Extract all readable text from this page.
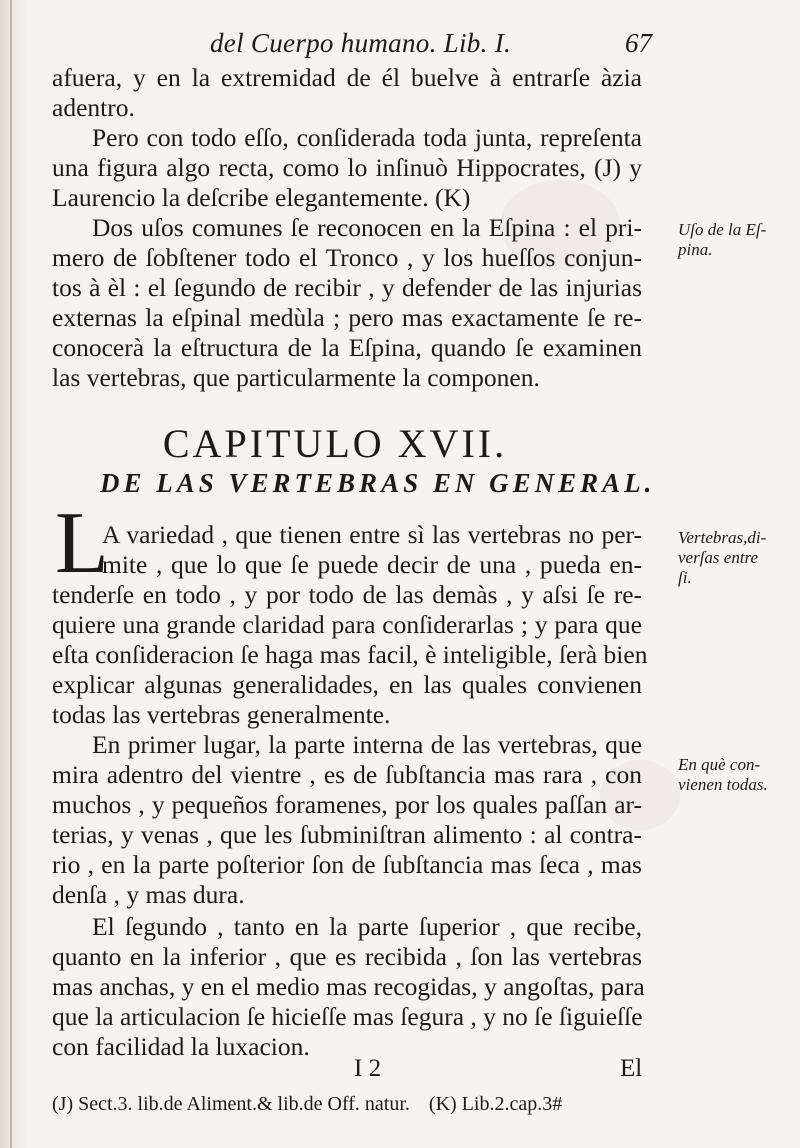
del Cuerpo humano. Lib. I.	67
afuera, y en la extremidad de él buelve à entrarſe àzia
adentro.
Pero con todo eſſo, conſiderada toda junta, repreſenta
una figura algo recta, como lo inſinuò Hippocrates, (J) y
Laurencio la deſcribe elegantemente. (K)
Dos uſos comunes ſe reconocen en la Eſpina : el pri-
mero de ſobſtener todo el Tronco , y los hueſſos conjun-
tos à èl : el ſegundo de recibir , y defender de las injurias
externas la eſpinal medùla ; pero mas exactamente ſe re-
conocerà la eſtructura de la Eſpina, quando ſe examinen
las vertebras, que particularmente la componen.
Uſo de la Eſ-
pina.
CAPITULO XVII.
DE LAS VERTEBRAS EN GENERAL.
L
A variedad , que tienen entre sì las vertebras no per-
mite , que lo que ſe puede decir de una , pueda en-
tenderſe en todo , y por todo de las demàs , y aſsi ſe re-
quiere una grande claridad para conſiderarlas ; y para que
eſta conſideracion ſe haga mas facil, è inteligible, ſerà bien
explicar algunas generalidades, en las quales convienen
todas las vertebras generalmente.
Vertebras,di-
verſas entre
ſi.
En primer lugar, la parte interna de las vertebras, que
mira adentro del vientre , es de ſubſtancia mas rara , con
muchos , y pequeños foramenes, por los quales paſſan ar-
terias, y venas , que les ſubminiſtran alimento : al contra-
rio , en la parte poſterior ſon de ſubſtancia mas ſeca , mas
denſa , y mas dura.
En què con-
vienen todas.
El ſegundo , tanto en la parte ſuperior , que recibe,
quanto en la inferior , que es recibida , ſon las vertebras
mas anchas, y en el medio mas recogidas, y angoſtas, para
que la articulacion ſe hicieſſe mas ſegura , y no ſe ſiguieſſe
con facilidad la luxacion.
I 2	El
(J) Sect.3. lib.de Aliment.& lib.de Off. natur. (K) Lib.2.cap.3#
